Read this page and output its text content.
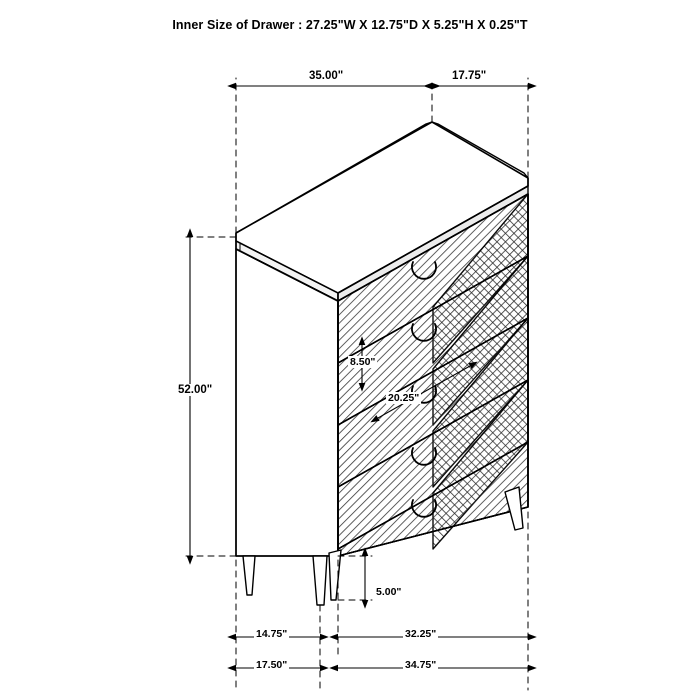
Inner Size of Drawer : 27.25"W X 12.75"D X 5.25"H X 0.25"T
35.00"	17.75"
52.00"
8.50"
20.25"
5.00"
14.75"	32.25"
17.50"	34.75"
